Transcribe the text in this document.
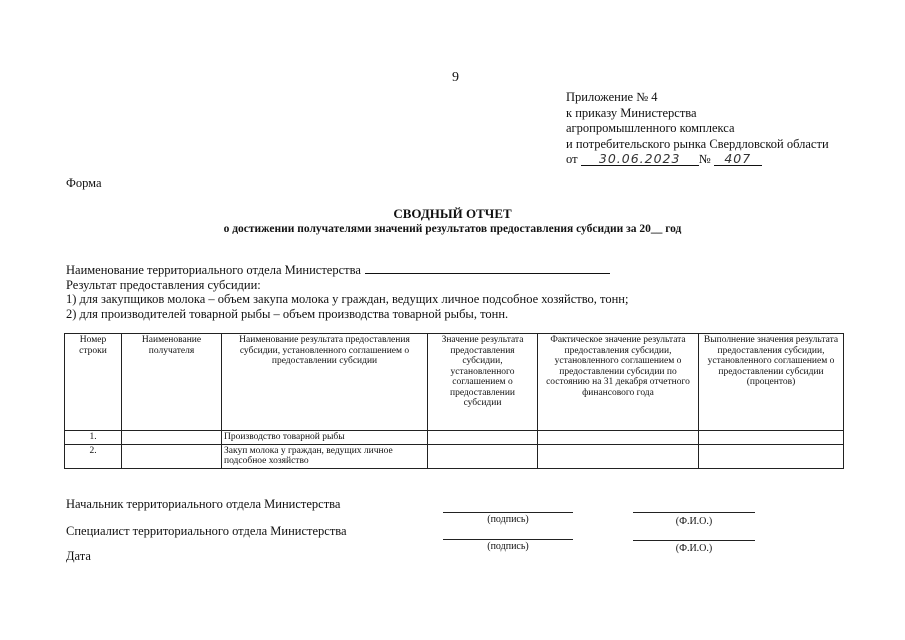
9
Приложение № 4
к приказу Министерства
агропромышленного комплекса
и потребительского рынка Свердловской области
от 30.06.2023 № 407
Форма
СВОДНЫЙ ОТЧЕТ
о достижении получателями значений результатов предоставления субсидии за 20__ год
Наименование территориального отдела Министерства
Результат предоставления субсидии:
1) для закупщиков молока – объем закупа молока у граждан, ведущих личное подсобное хозяйство, тонн;
2) для производителей товарной рыбы – объем производства товарной рыбы, тонн.
Номер строки	Наименование получателя	Наименование результата предоставления субсидии, установленного соглашением о предоставлении субсидии	Значение результата предоставления субсидии, установленного соглашением о предоставлении субсидии	Фактическое значение результата предоставления субсидии, установленного соглашением о предоставлении субсидии по состоянию на 31 декабря отчетного финансового года	Выполнение значения результата предоставления субсидии, установленного соглашением о предоставлении субсидии (процентов)
1.		Производство товарной рыбы			
2.		Закуп молока у граждан, ведущих личное подсобное хозяйство			
Начальник территориального отдела Министерства
(подпись)	(Ф.И.О.)
Специалист территориального отдела Министерства
(подпись)	(Ф.И.О.)
Дата
